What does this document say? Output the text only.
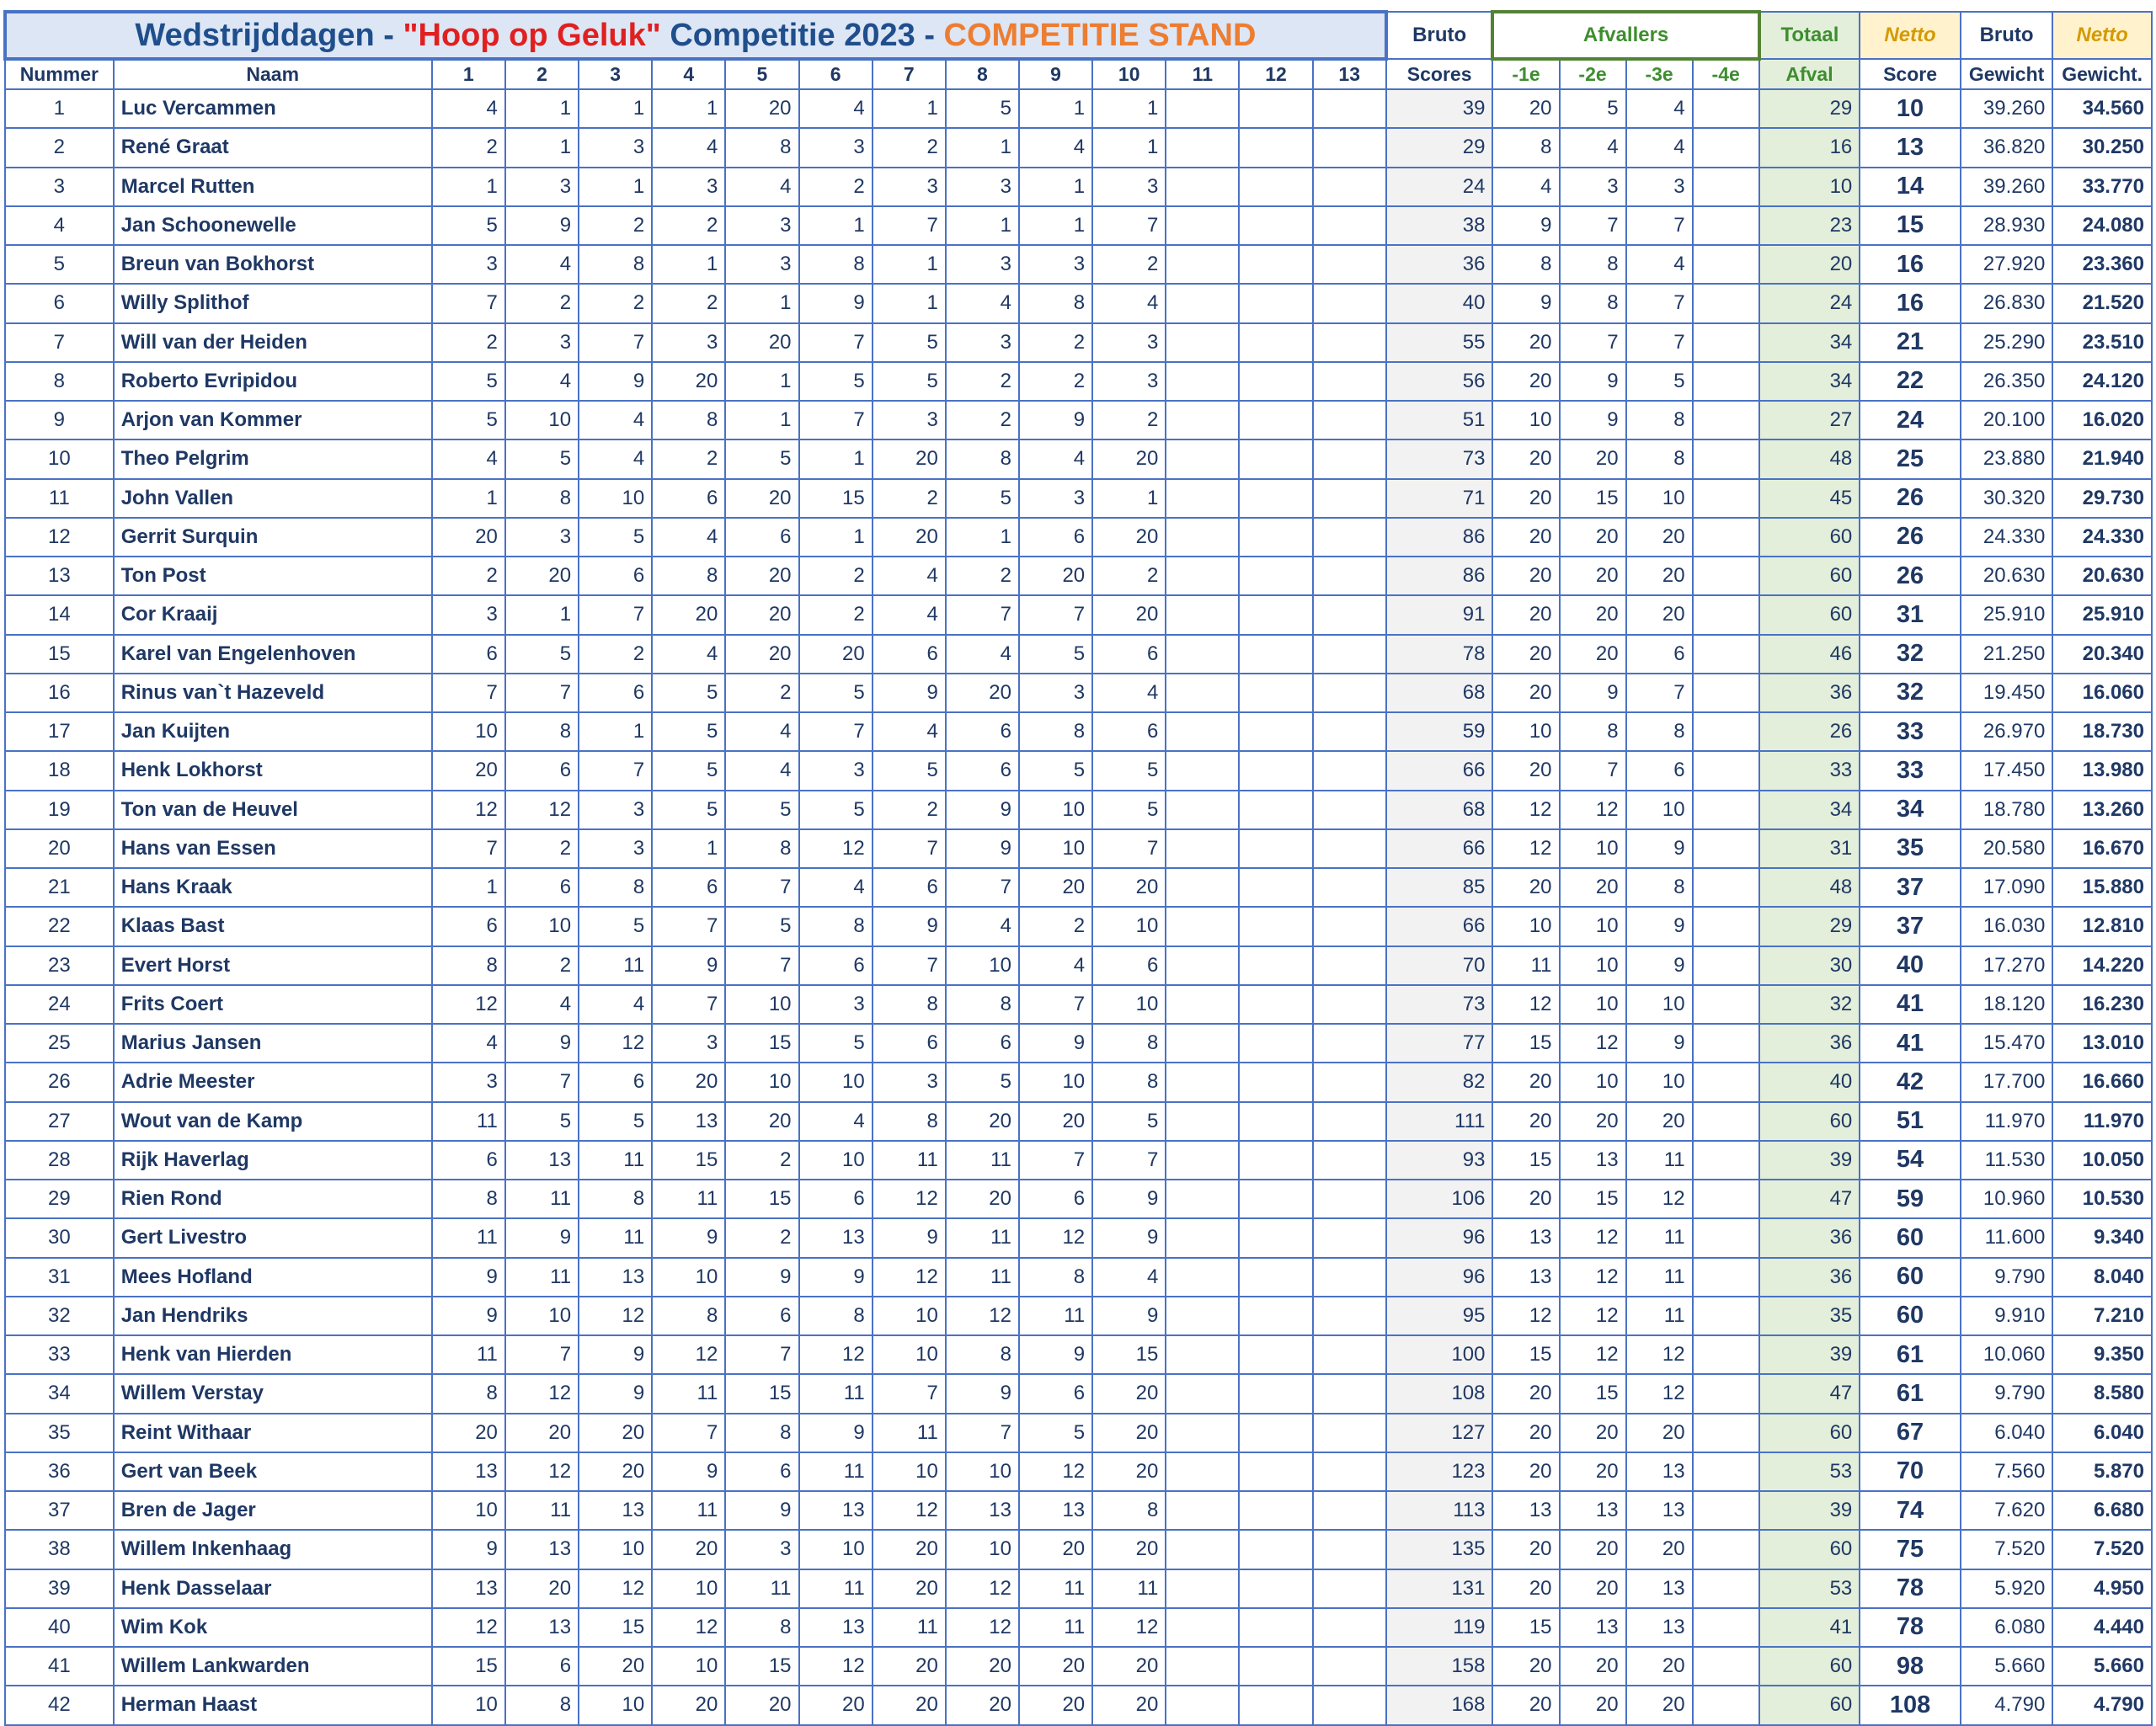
Wedstrijddagen - "Hoop op Geluk" Competitie 2023 - COMPETITIE STAND															Bruto	Afvallers				Totaal	Netto	Bruto	Netto
Nummer	Naam	1	2	3	4	5	6	7	8	9	10	11	12	13	Scores	-1e	-2e	-3e	-4e	Afval	Score	Gewicht	Gewicht.
1	Luc Vercammen	4	1	1	1	20	4	1	5	1	1				39	20	5	4		29	10	39.260	34.560
2	René Graat	2	1	3	4	8	3	2	1	4	1				29	8	4	4		16	13	36.820	30.250
3	Marcel Rutten	1	3	1	3	4	2	3	3	1	3				24	4	3	3		10	14	39.260	33.770
4	Jan Schoonewelle	5	9	2	2	3	1	7	1	1	7				38	9	7	7		23	15	28.930	24.080
5	Breun van Bokhorst	3	4	8	1	3	8	1	3	3	2				36	8	8	4		20	16	27.920	23.360
6	Willy Splithof	7	2	2	2	1	9	1	4	8	4				40	9	8	7		24	16	26.830	21.520
7	Will van der Heiden	2	3	7	3	20	7	5	3	2	3				55	20	7	7		34	21	25.290	23.510
8	Roberto Evripidou	5	4	9	20	1	5	5	2	2	3				56	20	9	5		34	22	26.350	24.120
9	Arjon van Kommer	5	10	4	8	1	7	3	2	9	2				51	10	9	8		27	24	20.100	16.020
10	Theo Pelgrim	4	5	4	2	5	1	20	8	4	20				73	20	20	8		48	25	23.880	21.940
11	John Vallen	1	8	10	6	20	15	2	5	3	1				71	20	15	10		45	26	30.320	29.730
12	Gerrit Surquin	20	3	5	4	6	1	20	1	6	20				86	20	20	20		60	26	24.330	24.330
13	Ton Post	2	20	6	8	20	2	4	2	20	2				86	20	20	20		60	26	20.630	20.630
14	Cor Kraaij	3	1	7	20	20	2	4	7	7	20				91	20	20	20		60	31	25.910	25.910
15	Karel van Engelenhoven	6	5	2	4	20	20	6	4	5	6				78	20	20	6		46	32	21.250	20.340
16	Rinus van`t Hazeveld	7	7	6	5	2	5	9	20	3	4				68	20	9	7		36	32	19.450	16.060
17	Jan Kuijten	10	8	1	5	4	7	4	6	8	6				59	10	8	8		26	33	26.970	18.730
18	Henk Lokhorst	20	6	7	5	4	3	5	6	5	5				66	20	7	6		33	33	17.450	13.980
19	Ton van de Heuvel	12	12	3	5	5	5	2	9	10	5				68	12	12	10		34	34	18.780	13.260
20	Hans van Essen	7	2	3	1	8	12	7	9	10	7				66	12	10	9		31	35	20.580	16.670
21	Hans Kraak	1	6	8	6	7	4	6	7	20	20				85	20	20	8		48	37	17.090	15.880
22	Klaas Bast	6	10	5	7	5	8	9	4	2	10				66	10	10	9		29	37	16.030	12.810
23	Evert Horst	8	2	11	9	7	6	7	10	4	6				70	11	10	9		30	40	17.270	14.220
24	Frits Coert	12	4	4	7	10	3	8	8	7	10				73	12	10	10		32	41	18.120	16.230
25	Marius Jansen	4	9	12	3	15	5	6	6	9	8				77	15	12	9		36	41	15.470	13.010
26	Adrie Meester	3	7	6	20	10	10	3	5	10	8				82	20	10	10		40	42	17.700	16.660
27	Wout van de Kamp	11	5	5	13	20	4	8	20	20	5				111	20	20	20		60	51	11.970	11.970
28	Rijk Haverlag	6	13	11	15	2	10	11	11	7	7				93	15	13	11		39	54	11.530	10.050
29	Rien Rond	8	11	8	11	15	6	12	20	6	9				106	20	15	12		47	59	10.960	10.530
30	Gert Livestro	11	9	11	9	2	13	9	11	12	9				96	13	12	11		36	60	11.600	9.340
31	Mees Hofland	9	11	13	10	9	9	12	11	8	4				96	13	12	11		36	60	9.790	8.040
32	Jan Hendriks	9	10	12	8	6	8	10	12	11	9				95	12	12	11		35	60	9.910	7.210
33	Henk van Hierden	11	7	9	12	7	12	10	8	9	15				100	15	12	12		39	61	10.060	9.350
34	Willem Verstay	8	12	9	11	15	11	7	9	6	20				108	20	15	12		47	61	9.790	8.580
35	Reint Withaar	20	20	20	7	8	9	11	7	5	20				127	20	20	20		60	67	6.040	6.040
36	Gert van Beek	13	12	20	9	6	11	10	10	12	20				123	20	20	13		53	70	7.560	5.870
37	Bren de Jager	10	11	13	11	9	13	12	13	13	8				113	13	13	13		39	74	7.620	6.680
38	Willem Inkenhaag	9	13	10	20	3	10	20	10	20	20				135	20	20	20		60	75	7.520	7.520
39	Henk Dasselaar	13	20	12	10	11	11	20	12	11	11				131	20	20	13		53	78	5.920	4.950
40	Wim Kok	12	13	15	12	8	13	11	12	11	12				119	15	13	13		41	78	6.080	4.440
41	Willem Lankwarden	15	6	20	10	15	12	20	20	20	20				158	20	20	20		60	98	5.660	5.660
42	Herman Haast	10	8	10	20	20	20	20	20	20	20				168	20	20	20		60	108	4.790	4.790
